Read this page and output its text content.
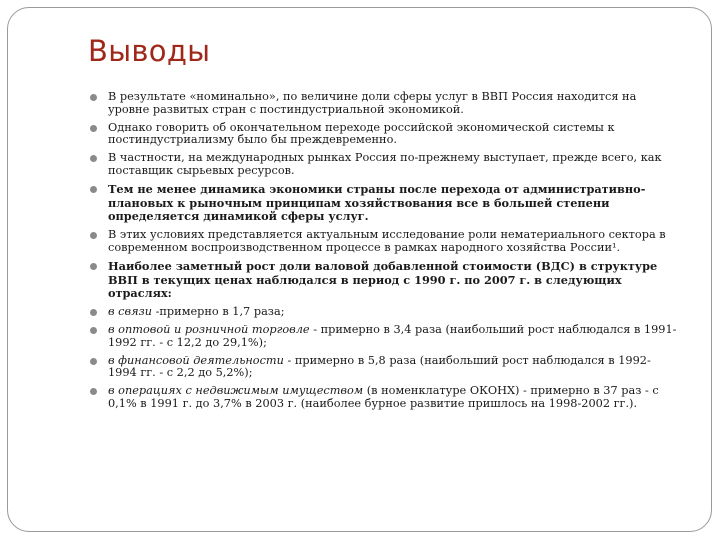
Выводы
В результате «номинально», по величине доли сферы услуг в ВВП Россия находится на уровне развитых стран с постиндустриальной экономикой.
Однако говорить об окончательном переходе российской экономической системы к постиндустриализму было бы преждевременно.
В частности, на международных рынках Россия по-прежнему выступает, прежде всего, как поставщик сырьевых ресурсов.
Тем не менее динамика экономики страны после перехода от административно-плановых к рыночным принципам хозяйствования все в большей степени определяется динамикой сферы услуг.
В этих условиях представляется актуальным исследование роли нематериального сектора в современном воспроизводственном процессе в рамках народного хозяйства России¹.
Наиболее заметный рост доли валовой добавленной стоимости (ВДС) в структуре ВВП в текущих ценах наблюдался в период с 1990 г. по 2007 г. в следующих отраслях:
в связи -примерно в 1,7 раза;
в оптовой и розничной торговле - примерно в 3,4 раза (наибольший рост наблюдался в 1991-1992 гг. - с 12,2 до 29,1%);
в финансовой деятельности - примерно в 5,8 раза (наибольший рост наблюдался в 1992-1994 гг. - с 2,2 до 5,2%);
в операциях с недвижимым имуществом (в номенклатуре ОКОНХ) - примерно в 37 раз - с 0,1% в 1991 г. до 3,7% в 2003 г. (наиболее бурное развитие пришлось на 1998-2002 гг.).
